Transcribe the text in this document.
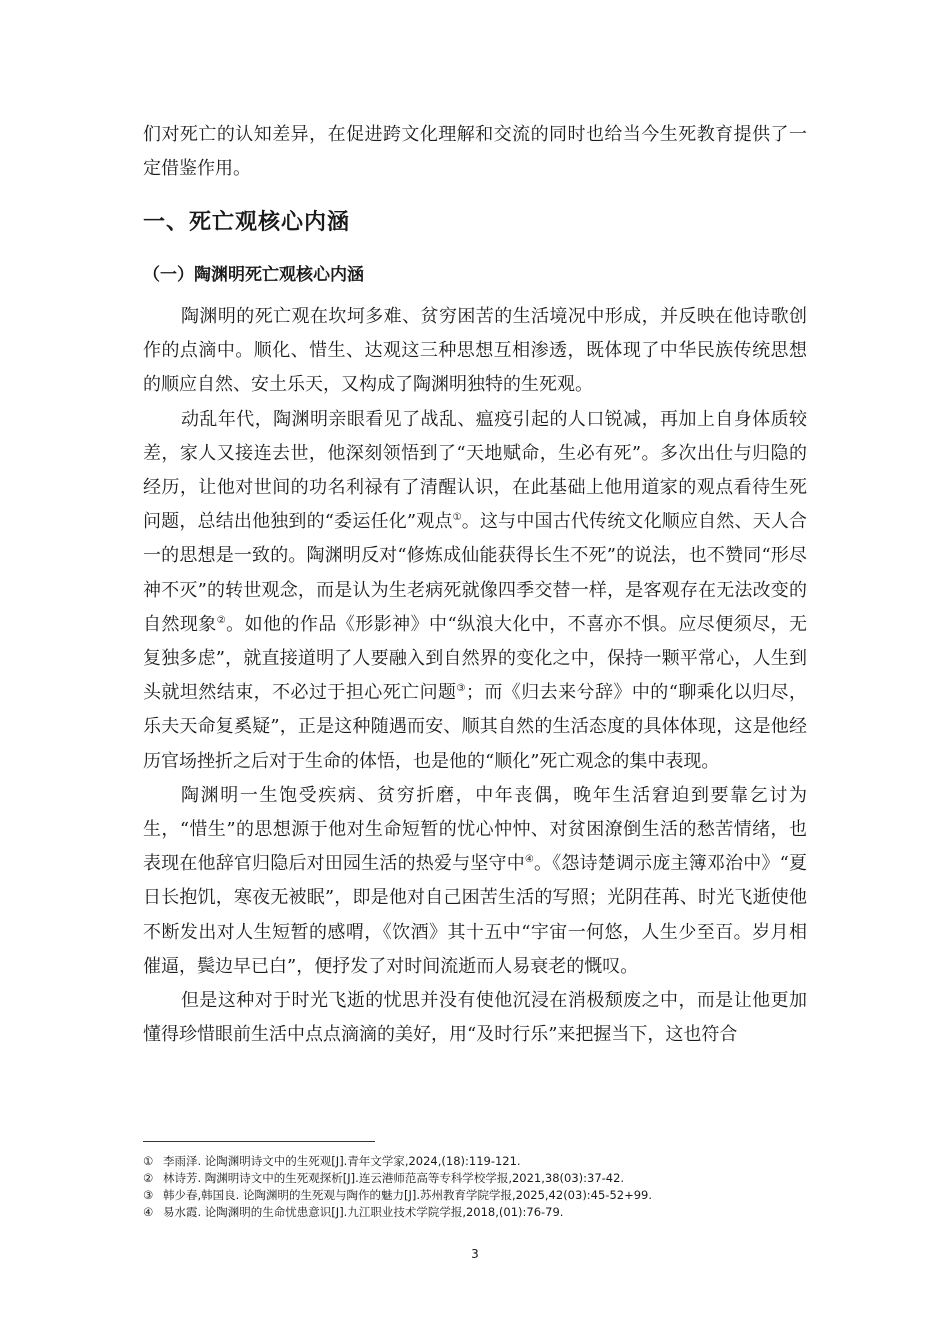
们对死亡的认知差异，在促进跨文化理解和交流的同时也给当今生死教育提供了一定借鉴作用。

一、死亡观核心内涵
（一）陶渊明死亡观核心内涵

陶渊明的死亡观在坎坷多难、贫穷困苦的生活境况中形成，并反映在他诗歌创作的点滴中。顺化、惜生、达观这三种思想互相渗透，既体现了中华民族传统思想的顺应自然、安土乐天，又构成了陶渊明独特的生死观。

动乱年代，陶渊明亲眼看见了战乱、瘟疫引起的人口锐减，再加上自身体质较差，家人又接连去世，他深刻领悟到了“天地赋命，生必有死”。多次出仕与归隐的经历，让他对世间的功名利禄有了清醒认识，在此基础上他用道家的观点看待生死问题，总结出他独到的“委运任化”观点①。这与中国古代传统文化顺应自然、天人合一的思想是一致的。陶渊明反对“修炼成仙能获得长生不死”的说法，也不赞同“形尽神不灭”的转世观念，而是认为生老病死就像四季交替一样，是客观存在无法改变的自然现象②。如他的作品《形影神》中“纵浪大化中，不喜亦不惧。应尽便须尽，无复独多虑”，就直接道明了人要融入到自然界的变化之中，保持一颗平常心，人生到头就坦然结束，不必过于担心死亡问题③；而《归去来兮辞》中的“聊乘化以归尽，乐夫天命复奚疑”，正是这种随遇而安、顺其自然的生活态度的具体体现，这是他经历官场挫折之后对于生命的体悟，也是他的“顺化”死亡观念的集中表现。

陶渊明一生饱受疾病、贫穷折磨，中年丧偶，晚年生活窘迫到要靠乞讨为生，“惜生”的思想源于他对生命短暂的忧心忡忡、对贫困潦倒生活的愁苦情绪，也表现在他辞官归隐后对田园生活的热爱与坚守中④。《怨诗楚调示庞主簿邓治中》“夏日长抱饥，寒夜无被眠”，即是他对自己困苦生活的写照；光阴荏苒、时光飞逝使他不断发出对人生短暂的感喟，《饮酒》其十五中“宇宙一何悠，人生少至百。岁月相催逼，鬓边早已白”，便抒发了对时间流逝而人易衰老的慨叹。

但是这种对于时光飞逝的忧思并没有使他沉浸在消极颓废之中，而是让他更加懂得珍惜眼前生活中点点滴滴的美好，用“及时行乐”来把握当下，这也符合

① 李雨泽. 论陶渊明诗文中的生死观[J].青年文学家,2024,(18):119-121.
② 林诗芳. 陶渊明诗文中的生死观探析[J].连云港师范高等专科学校学报,2021,38(03):37-42.
③ 韩少春,韩国良. 论陶渊明的生死观与陶作的魅力[J].苏州教育学院学报,2025,42(03):45-52+99.
④ 易水霞. 论陶渊明的生命忧患意识[J].九江职业技术学院学报,2018,(01):76-79.

3
